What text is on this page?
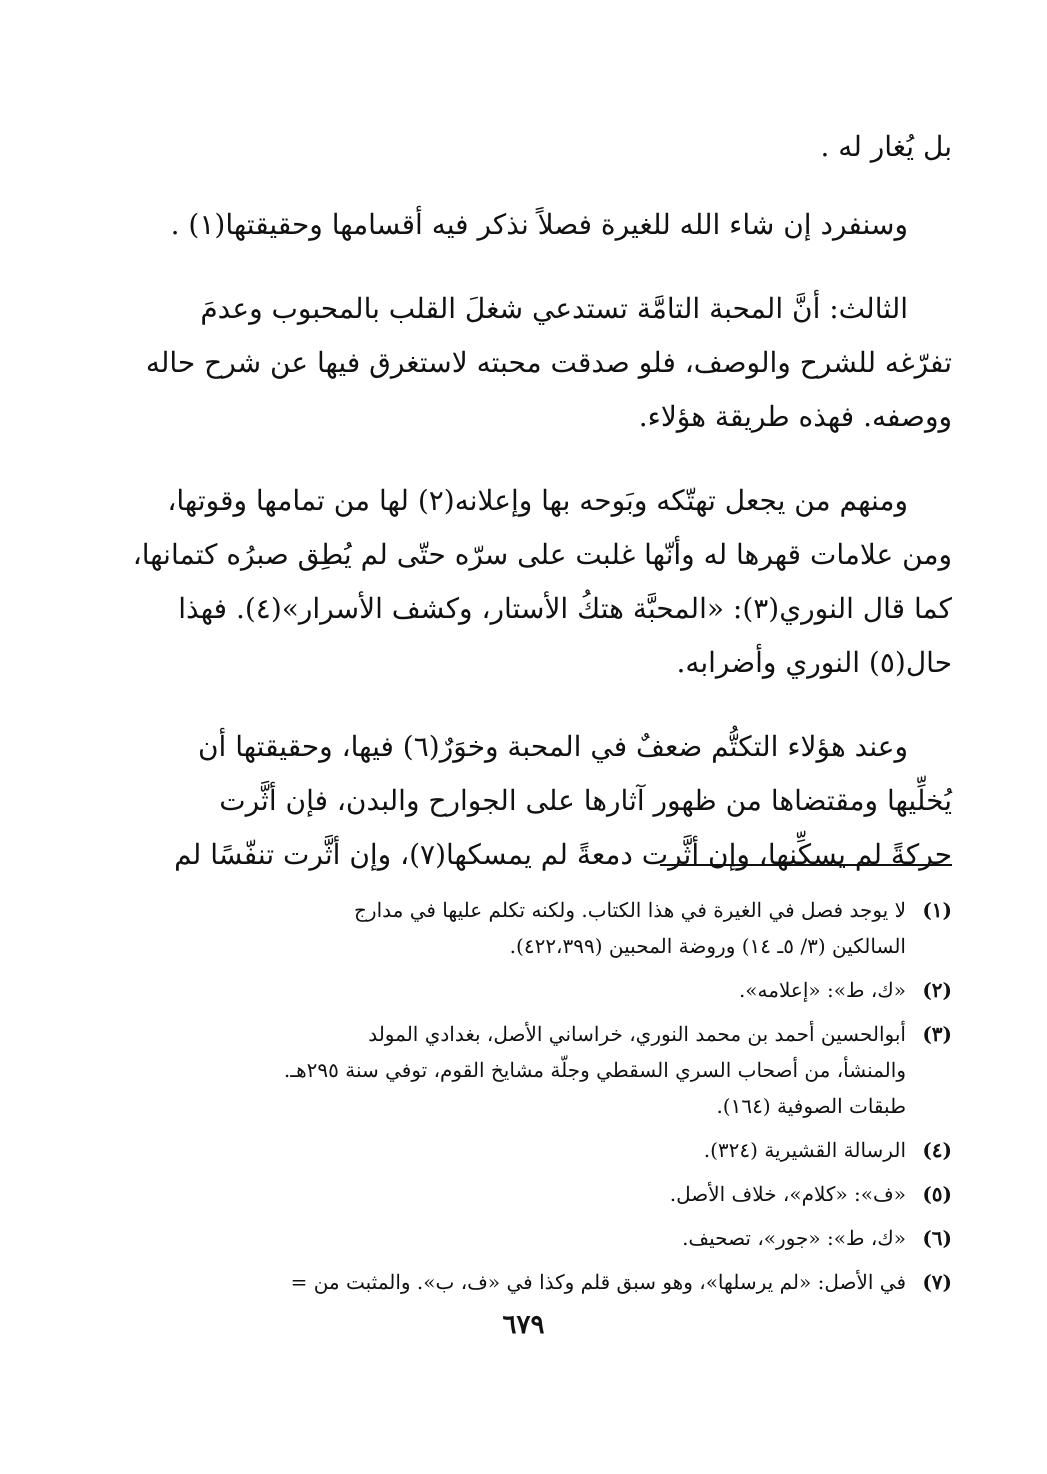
بل يُغار له .

وسنفرد إن شاء الله للغيرة فصلاً نذكر فيه أقسامها وحقيقتها(١) .

الثالث: أنَّ المحبة التامَّة تستدعي شغلَ القلب بالمحبوب وعدمَ

تفرّغه للشرح والوصف، فلو صدقت محبته لاستغرق فيها عن شرح حاله

ووصفه. فهذه طريقة هؤلاء.

ومنهم من يجعل تهتّكه وبَوحه بها وإعلانه(٢) لها من تمامها وقوتها،

ومن علامات قهرها له وأنّها غلبت على سرّه حتّى لم يُطِق صبرُه كتمانها،

كما قال النوري(٣): «المحبَّة هتكُ الأستار، وكشف الأسرار»(٤). فهذا

حال(٥) النوري وأضرابه.

وعند هؤلاء التكتُّم ضعفٌ في المحبة وخوَرٌ(٦) فيها، وحقيقتها أن

يُخلِّيها ومقتضاها من ظهور آثارها على الجوارح والبدن، فإن أثَّرت

حركةً لم يسكِّنها، وإن أثَّرت دمعةً لم يمسكها(٧)، وإن أثَّرت تنفّسًا لم

(١)

لا يوجد فصل في الغيرة في هذا الكتاب. ولكنه تكلم عليها في مدارج

السالكين (٣/ ٥ـ ١٤) وروضة المحبين (٤٢٢،٣٩٩).

(٢)

«ك، ط»: «إعلامه».

(٣)

أبوالحسين أحمد بن محمد النوري، خراساني الأصل، بغدادي المولد

والمنشأ، من أصحاب السري السقطي وجلّة مشايخ القوم، توفي سنة ٢٩٥هـ.

طبقات الصوفية (١٦٤).

(٤)

الرسالة القشيرية (٣٢٤).

(٥)

«ف»: «كلام»، خلاف الأصل.

(٦)

«ك، ط»: «جور»، تصحيف.

(٧)

في الأصل: «لم يرسلها»، وهو سبق قلم وكذا في «ف، ب». والمثبت من =

٦٧٩
